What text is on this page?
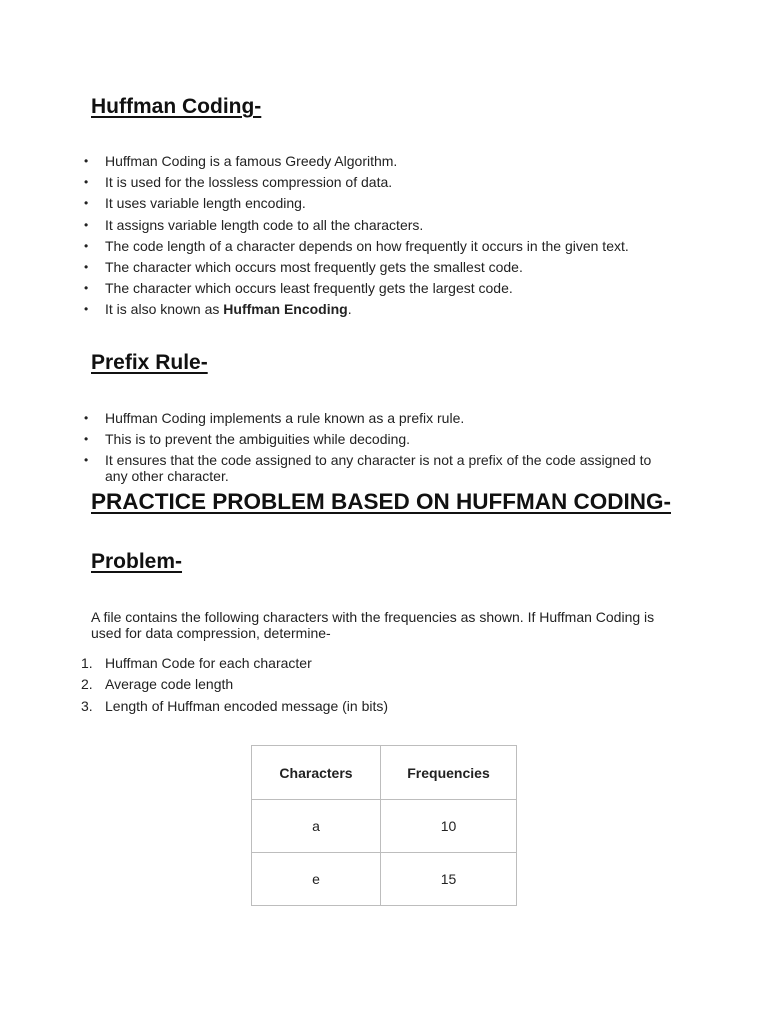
Huffman Coding-
• Huffman Coding is a famous Greedy Algorithm.
• It is used for the lossless compression of data.
• It uses variable length encoding.
• It assigns variable length code to all the characters.
• The code length of a character depends on how frequently it occurs in the given text.
• The character which occurs most frequently gets the smallest code.
• The character which occurs least frequently gets the largest code.
• It is also known as Huffman Encoding.
Prefix Rule-
• Huffman Coding implements a rule known as a prefix rule.
• This is to prevent the ambiguities while decoding.
• It ensures that the code assigned to any character is not a prefix of the code assigned to any other character.
PRACTICE PROBLEM BASED ON HUFFMAN CODING-
Problem-

A file contains the following characters with the frequencies as shown. If Huffman Coding is used for data compression, determine-

1. Huffman Code for each character
2. Average code length
3. Length of Huffman encoded message (in bits)
Characters	Frequencies
a	10
e	15
